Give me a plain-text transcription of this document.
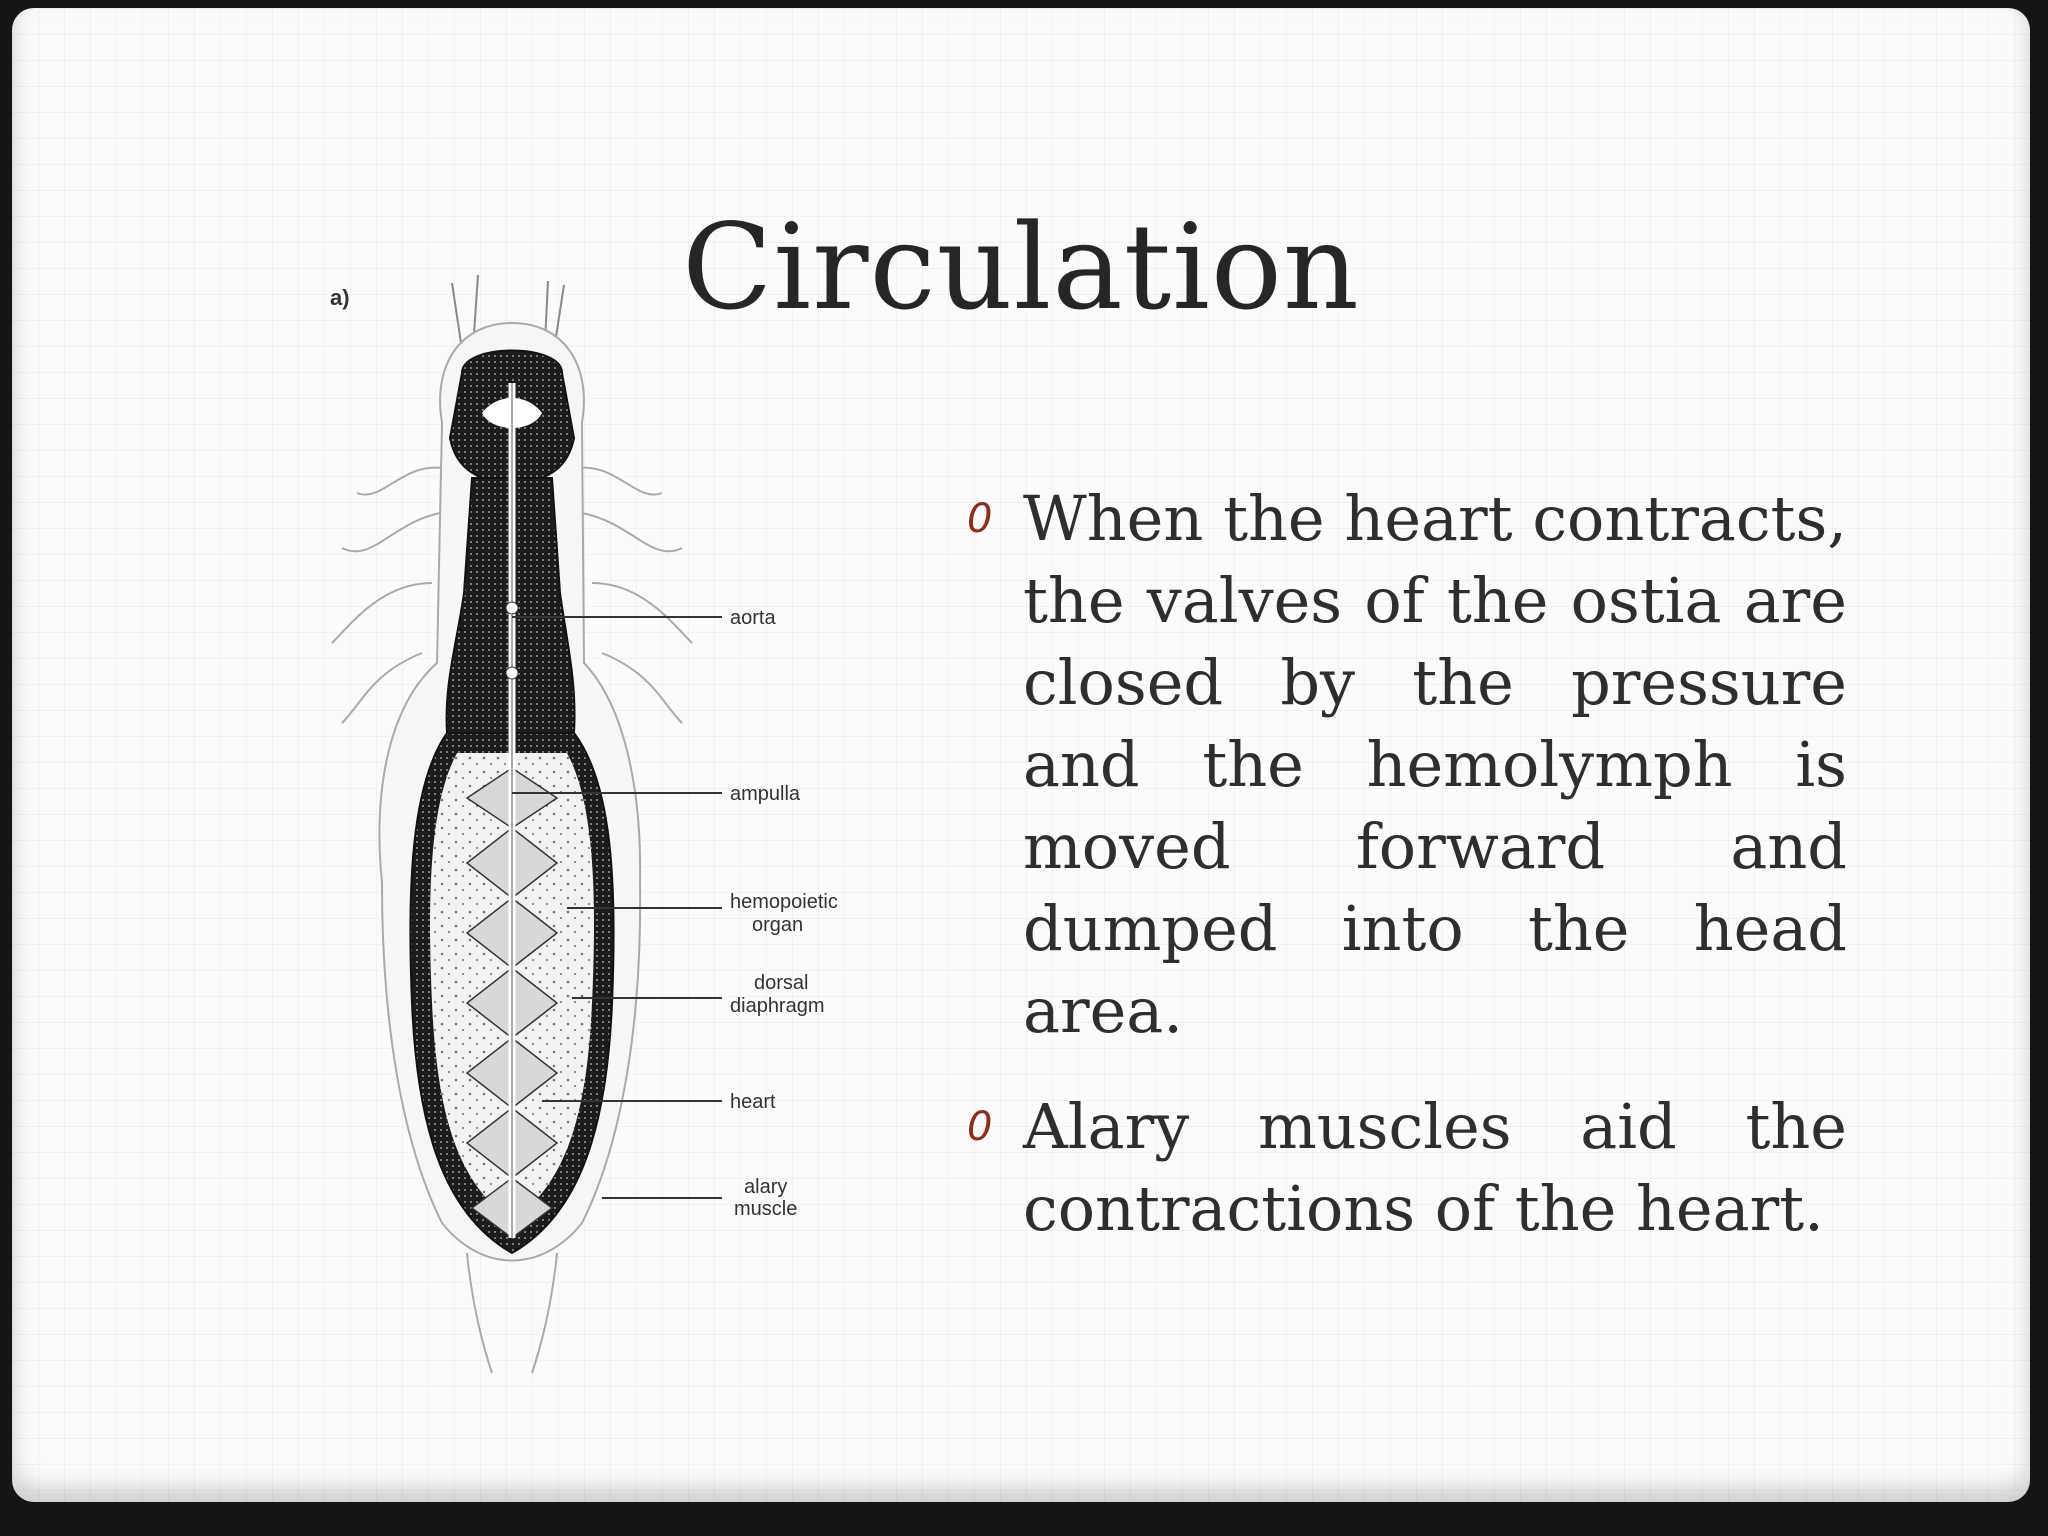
Circulation
a)
aorta
ampulla
hemopoietic
organ
dorsal
diaphragm
heart
alary
muscle
0 When the heart contracts, the valves of the ostia are closed by the pressure and the hemolymph is moved forward and dumped into the head area.
0 Alary muscles aid the contractions of the heart.
